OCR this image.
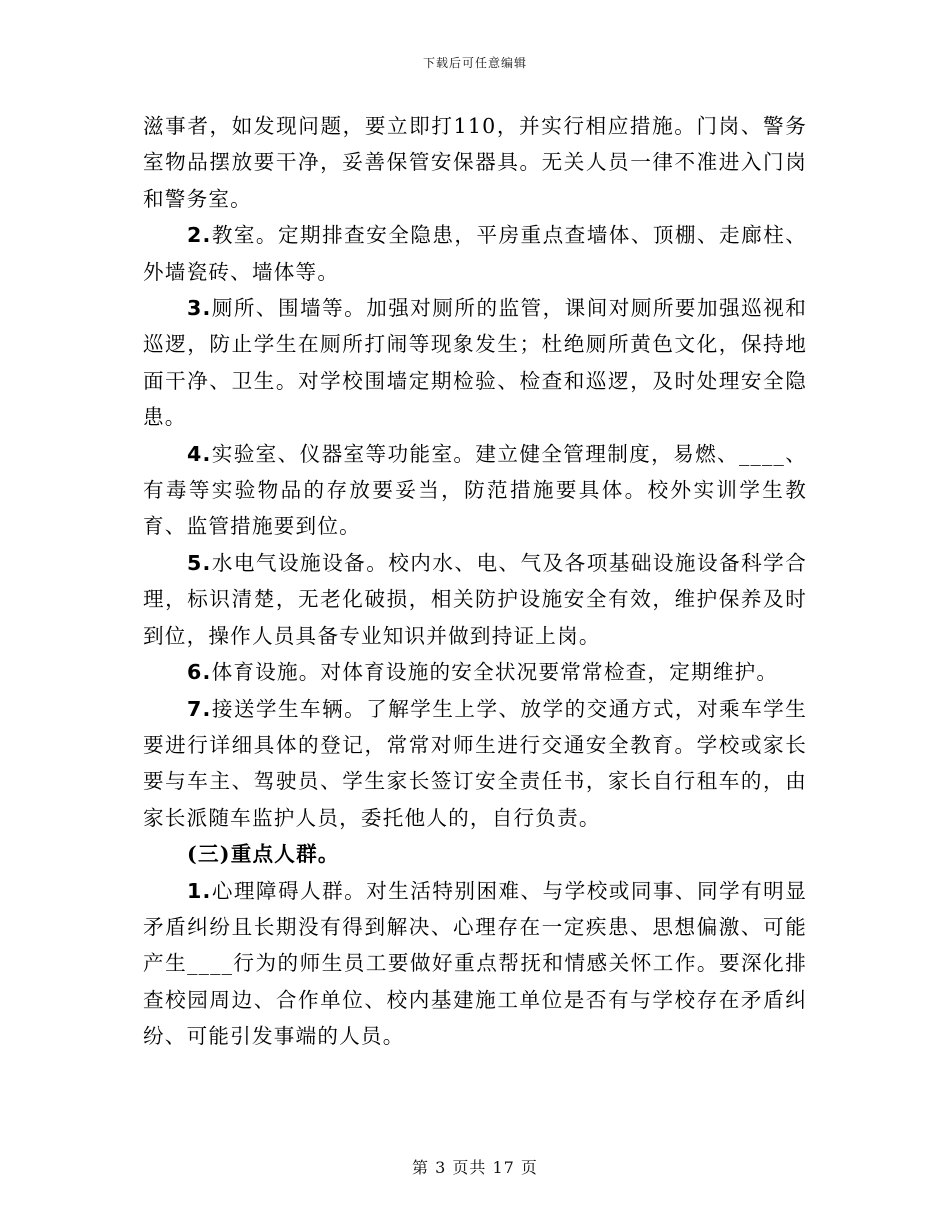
下载后可任意编辑

滋事者，如发现问题，要立即打110，并实行相应措施。门岗、警务室物品摆放要干净，妥善保管安保器具。无关人员一律不准进入门岗和警务室。

2.教室。定期排查安全隐患，平房重点查墙体、顶棚、走廊柱、外墙瓷砖、墙体等。

3.厕所、围墙等。加强对厕所的监管，课间对厕所要加强巡视和巡逻，防止学生在厕所打闹等现象发生；杜绝厕所黄色文化，保持地面干净、卫生。对学校围墙定期检验、检查和巡逻，及时处理安全隐患。

4.实验室、仪器室等功能室。建立健全管理制度，易燃、____、有毒等实验物品的存放要妥当，防范措施要具体。校外实训学生教育、监管措施要到位。

5.水电气设施设备。校内水、电、气及各项基础设施设备科学合理，标识清楚，无老化破损，相关防护设施安全有效，维护保养及时到位，操作人员具备专业知识并做到持证上岗。

6.体育设施。对体育设施的安全状况要常常检查，定期维护。

7.接送学生车辆。了解学生上学、放学的交通方式，对乘车学生要进行详细具体的登记，常常对师生进行交通安全教育。学校或家长要与车主、驾驶员、学生家长签订安全责任书，家长自行租车的，由家长派随车监护人员，委托他人的，自行负责。

(三)重点人群。

1.心理障碍人群。对生活特别困难、与学校或同事、同学有明显矛盾纠纷且长期没有得到解决、心理存在一定疾患、思想偏激、可能产生____行为的师生员工要做好重点帮抚和情感关怀工作。要深化排查校园周边、合作单位、校内基建施工单位是否有与学校存在矛盾纠纷、可能引发事端的人员。

第 3 页共 17 页
